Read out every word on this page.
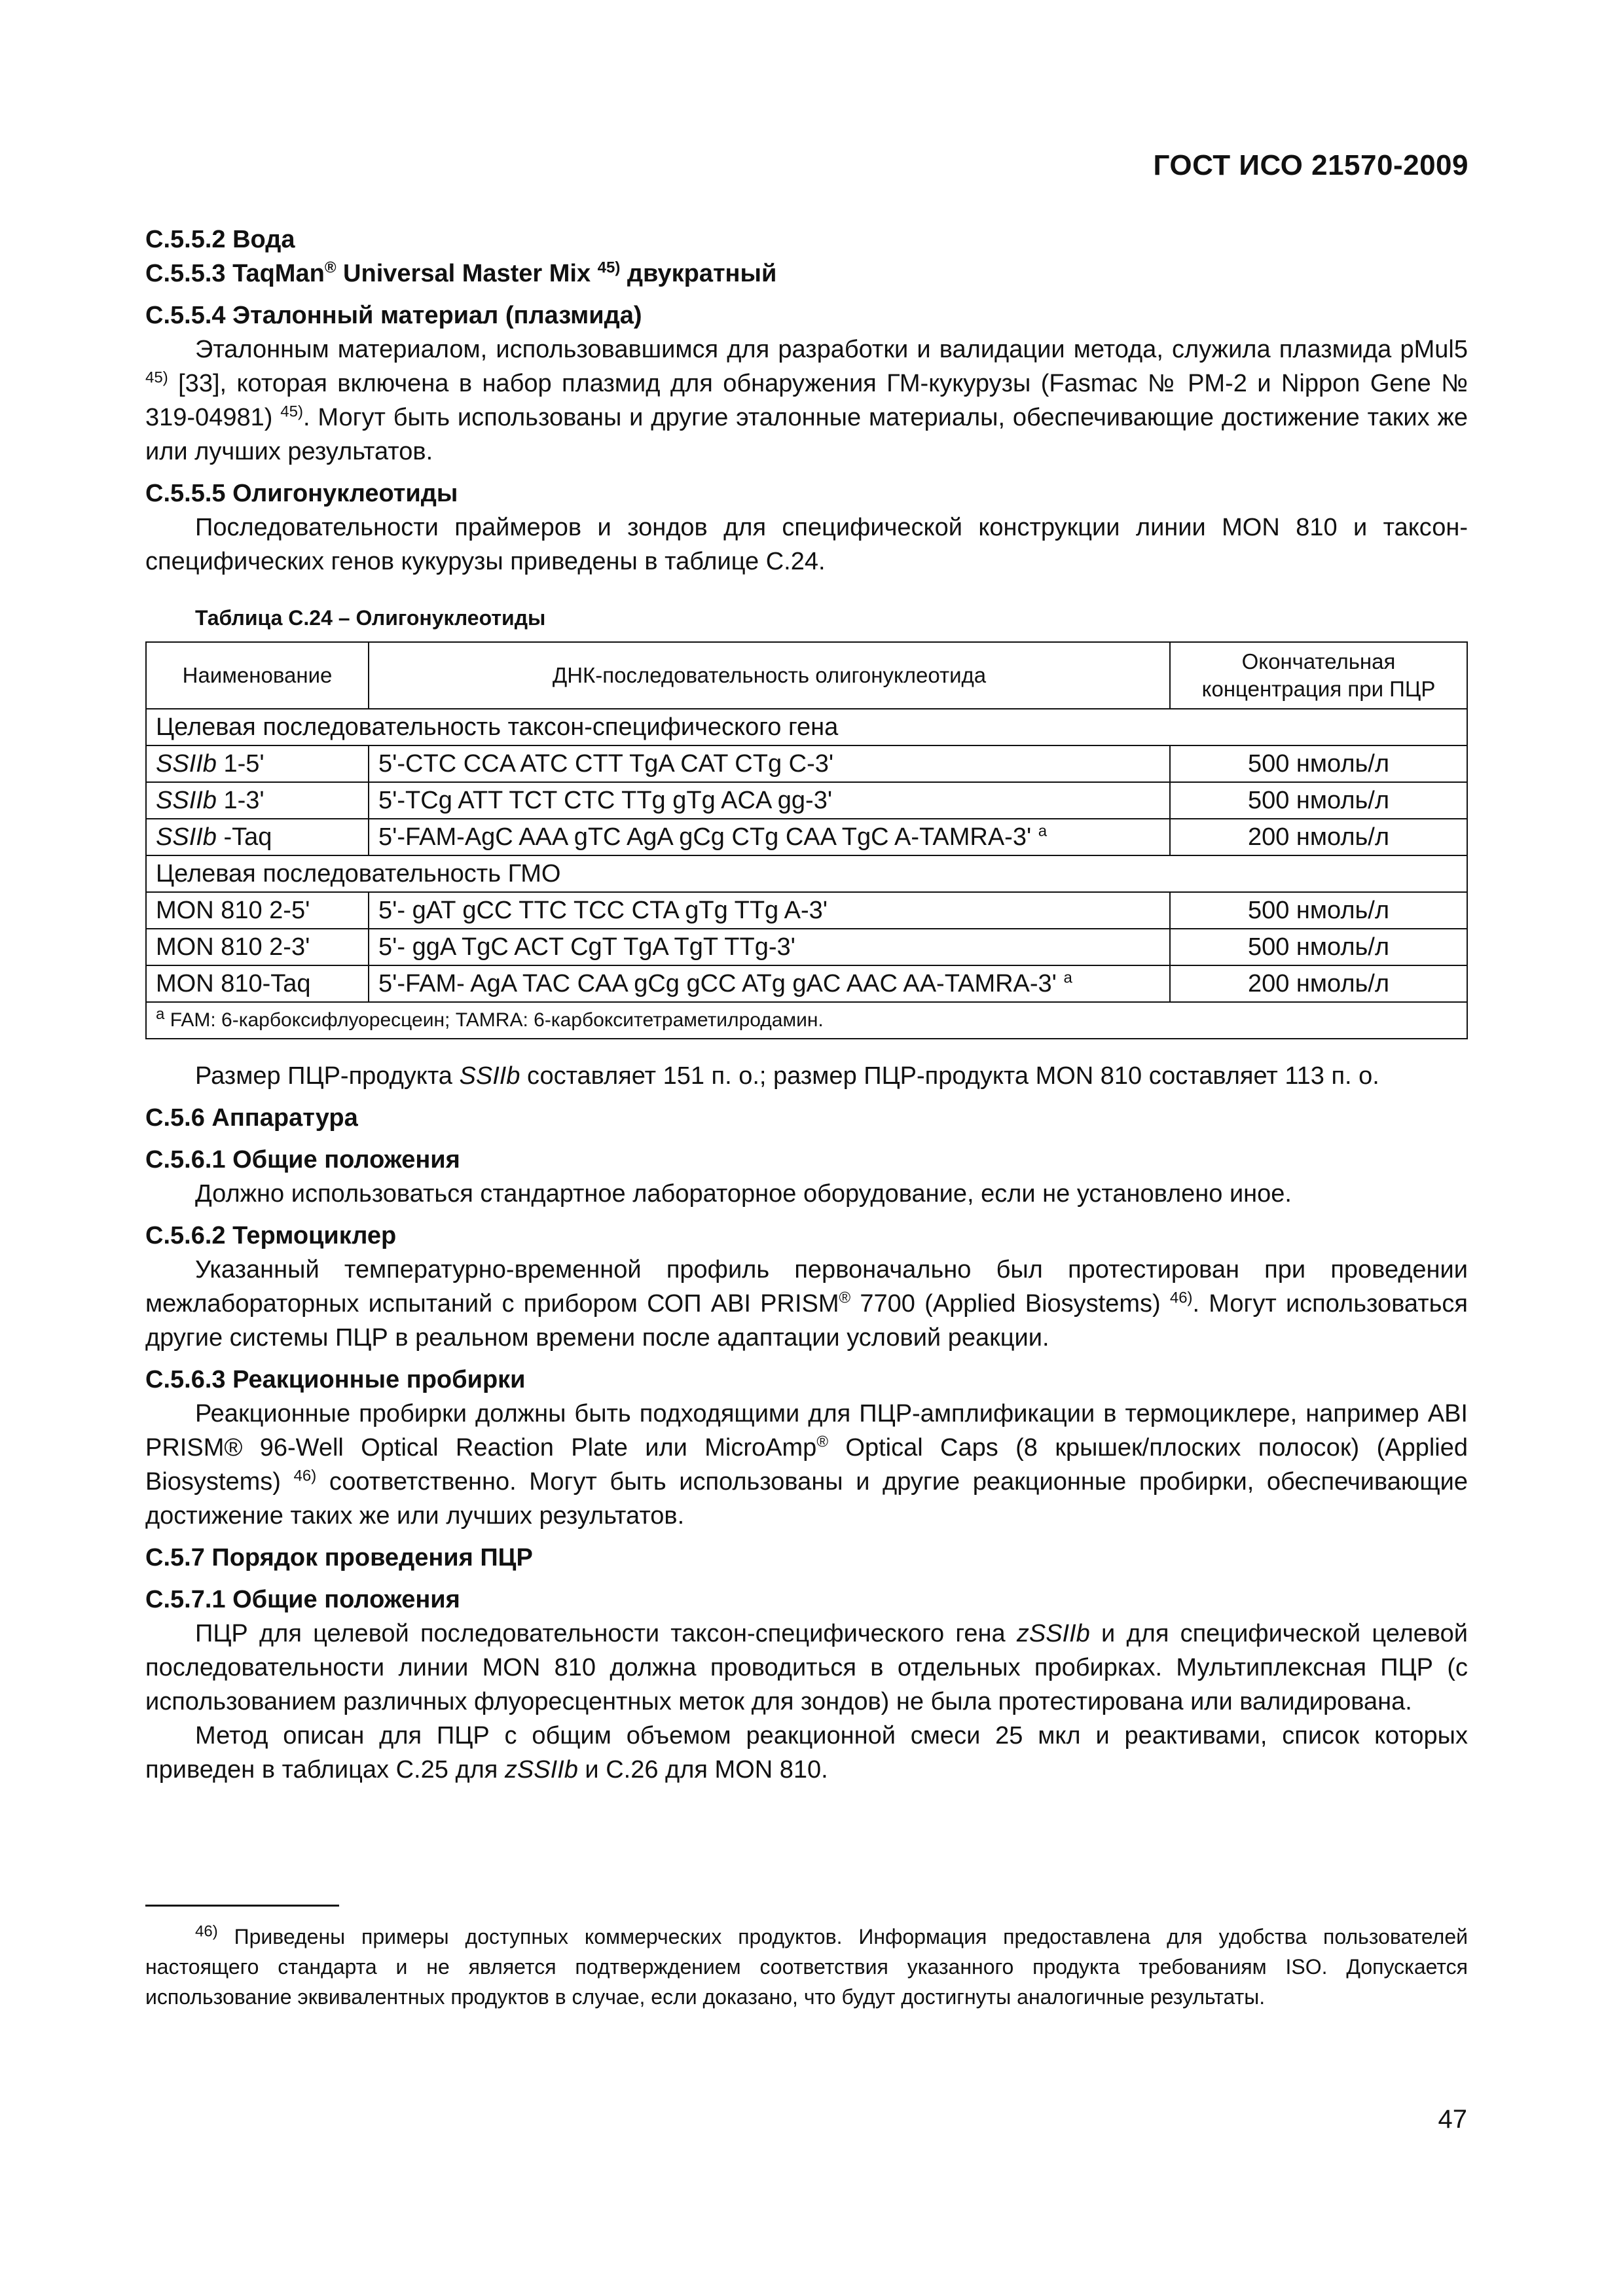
ГОСТ ИСО 21570-2009

С.5.5.2 Вода

С.5.5.3 TaqMan® Universal Master Mix $^{45)}$ двукратный

С.5.5.4 Эталонный материал (плазмида)

Эталонным материалом, использовавшимся для разработки и валидации метода, служила плазмида pMul5 $^{45)}$ [33], которая включена в набор плазмид для обнаружения ГМ-кукурузы (Fasmac № PM-2 и Nippon Gene № 319-04981) $^{45)}$. Могут быть использованы и другие эталонные материалы, обеспечивающие достижение таких же или лучших результатов.

С.5.5.5 Олигонуклеотиды

Последовательности праймеров и зондов для специфической конструкции линии MON 810 и таксон-специфических генов кукурузы приведены в таблице С.24.

Таблица С.24 – Олигонуклеотиды
Наименование	ДНК-последовательность олигонуклеотида	Окончательная концентрация при ПЦР
Целевая последовательность таксон-специфического гена		
SSIIb 1-5'	5'-CTC CCA ATC CTT TgA CAT CTg C-3'	500 нмоль/л
SSIIb 1-3'	5'-TCg ATT TCT CTC TTg gTg ACA gg-3'	500 нмоль/л
SSIIb -Taq	5'-FAM-AgC AAA gTC AgA gCg CTg CAA TgC A-TAMRA-3' $^a$	200 нмоль/л
Целевая последовательность ГМО		
MON 810 2-5'	5'- gAT gCC TTC TCC CTA gTg TTg A-3'	500 нмоль/л
MON 810 2-3'	5'- ggA TgC ACT CgT TgA TgT TTg-3'	500 нмоль/л
MON 810-Taq	5'-FAM- AgA TAC CAA gCg gCC ATg gAC AAC AA-TAMRA-3' $^a$	200 нмоль/л
$^a$ FAM: 6-карбоксифлуоресцеин; TAMRA: 6-карбокситетраметилродамин.		

Размер ПЦР-продукта SSIIb составляет 151 п. о.; размер ПЦР-продукта MON 810 составляет 113 п. о.

С.5.6 Аппаратура

С.5.6.1 Общие положения

Должно использоваться стандартное лабораторное оборудование, если не установлено иное.

С.5.6.2 Термоциклер

Указанный температурно-временной профиль первоначально был протестирован при проведении межлабораторных испытаний с прибором СОП ABI PRISM® 7700 (Applied Biosystems) $^{46)}$. Могут использоваться другие системы ПЦР в реальном времени после адаптации условий реакции.

С.5.6.3 Реакционные пробирки

Реакционные пробирки должны быть подходящими для ПЦР-амплификации в термоциклере, например ABI PRISM® 96-Well Optical Reaction Plate или MicroAmp® Optical Caps (8 крышек/плоских полосок) (Applied Biosystems) $^{46)}$ соответственно. Могут быть использованы и другие реакционные пробирки, обеспечивающие достижение таких же или лучших результатов.

С.5.7 Порядок проведения ПЦР

С.5.7.1 Общие положения

ПЦР для целевой последовательности таксон-специфического гена zSSIIb и для специфической целевой последовательности линии MON 810 должна проводиться в отдельных пробирках. Мультиплексная ПЦР (с использованием различных флуоресцентных меток для зондов) не была протестирована или валидирована.

Метод описан для ПЦР с общим объемом реакционной смеси 25 мкл и реактивами, список которых приведен в таблицах С.25 для zSSIIb и С.26 для MON 810.

$^{46)}$ Приведены примеры доступных коммерческих продуктов. Информация предоставлена для удобства пользователей настоящего стандарта и не является подтверждением соответствия указанного продукта требованиям ISO. Допускается использование эквивалентных продуктов в случае, если доказано, что будут достигнуты аналогичные результаты.
47
